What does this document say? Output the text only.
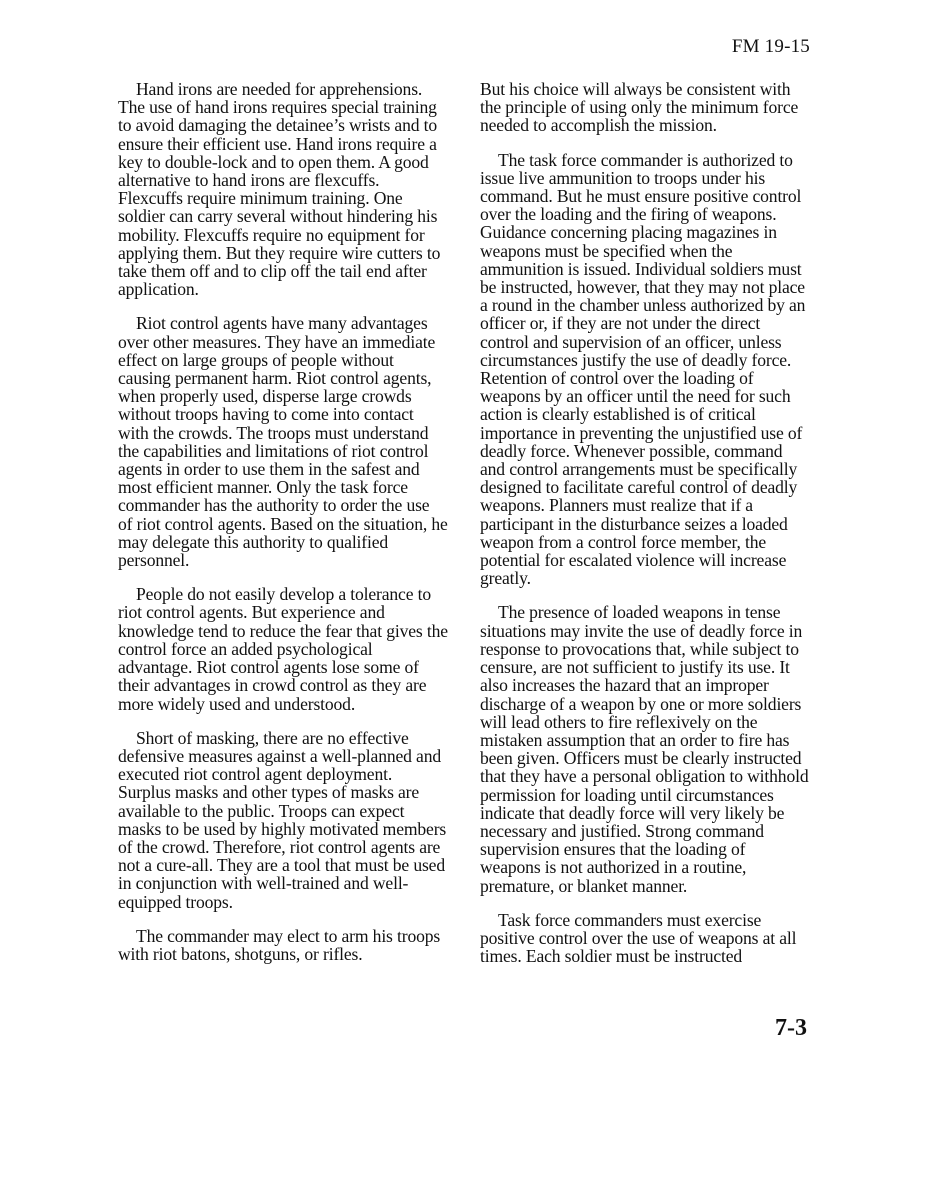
FM 19-15

Hand irons are needed for apprehensions. The use of hand irons requires special training to avoid damaging the detainee’s wrists and to ensure their efficient use. Hand irons require a key to double-lock and to open them. A good alternative to hand irons are flexcuffs. Flexcuffs require minimum training. One soldier can carry several without hindering his mobility. Flexcuffs require no equipment for applying them. But they require wire cutters to take them off and to clip off the tail end after application.

Riot control agents have many advantages over other measures. They have an immediate effect on large groups of people without causing permanent harm. Riot control agents, when properly used, disperse large crowds without troops having to come into contact with the crowds. The troops must understand the capabilities and limitations of riot control agents in order to use them in the safest and most efficient manner. Only the task force commander has the authority to order the use of riot control agents. Based on the situation, he may delegate this authority to qualified personnel.

People do not easily develop a tolerance to riot control agents. But experience and knowledge tend to reduce the fear that gives the control force an added psychological advantage. Riot control agents lose some of their advantages in crowd control as they are more widely used and understood.

Short of masking, there are no effective defensive measures against a well-planned and executed riot control agent deployment. Surplus masks and other types of masks are available to the public. Troops can expect masks to be used by highly motivated members of the crowd. Therefore, riot control agents are not a cure-all. They are a tool that must be used in conjunction with well-trained and well-equipped troops.

The commander may elect to arm his troops with riot batons, shotguns, or rifles.

But his choice will always be consistent with the principle of using only the minimum force needed to accomplish the mission.

The task force commander is authorized to issue live ammunition to troops under his command. But he must ensure positive control over the loading and the firing of weapons. Guidance concerning placing magazines in weapons must be specified when the ammunition is issued. Individual soldiers must be instructed, however, that they may not place a round in the chamber unless authorized by an officer or, if they are not under the direct control and supervision of an officer, unless circumstances justify the use of deadly force. Retention of control over the loading of weapons by an officer until the need for such action is clearly established is of critical importance in preventing the unjustified use of deadly force. Whenever possible, command and control arrangements must be specifically designed to facilitate careful control of deadly weapons. Planners must realize that if a participant in the disturbance seizes a loaded weapon from a control force member, the potential for escalated violence will increase greatly.

The presence of loaded weapons in tense situations may invite the use of deadly force in response to provocations that, while subject to censure, are not sufficient to justify its use. It also increases the hazard that an improper discharge of a weapon by one or more soldiers will lead others to fire reflexively on the mistaken assumption that an order to fire has been given. Officers must be clearly instructed that they have a personal obligation to withhold permission for loading until circumstances indicate that deadly force will very likely be necessary and justified. Strong command supervision ensures that the loading of weapons is not authorized in a routine, premature, or blanket manner.

Task force commanders must exercise positive control over the use of weapons at all times. Each soldier must be instructed

7-3
